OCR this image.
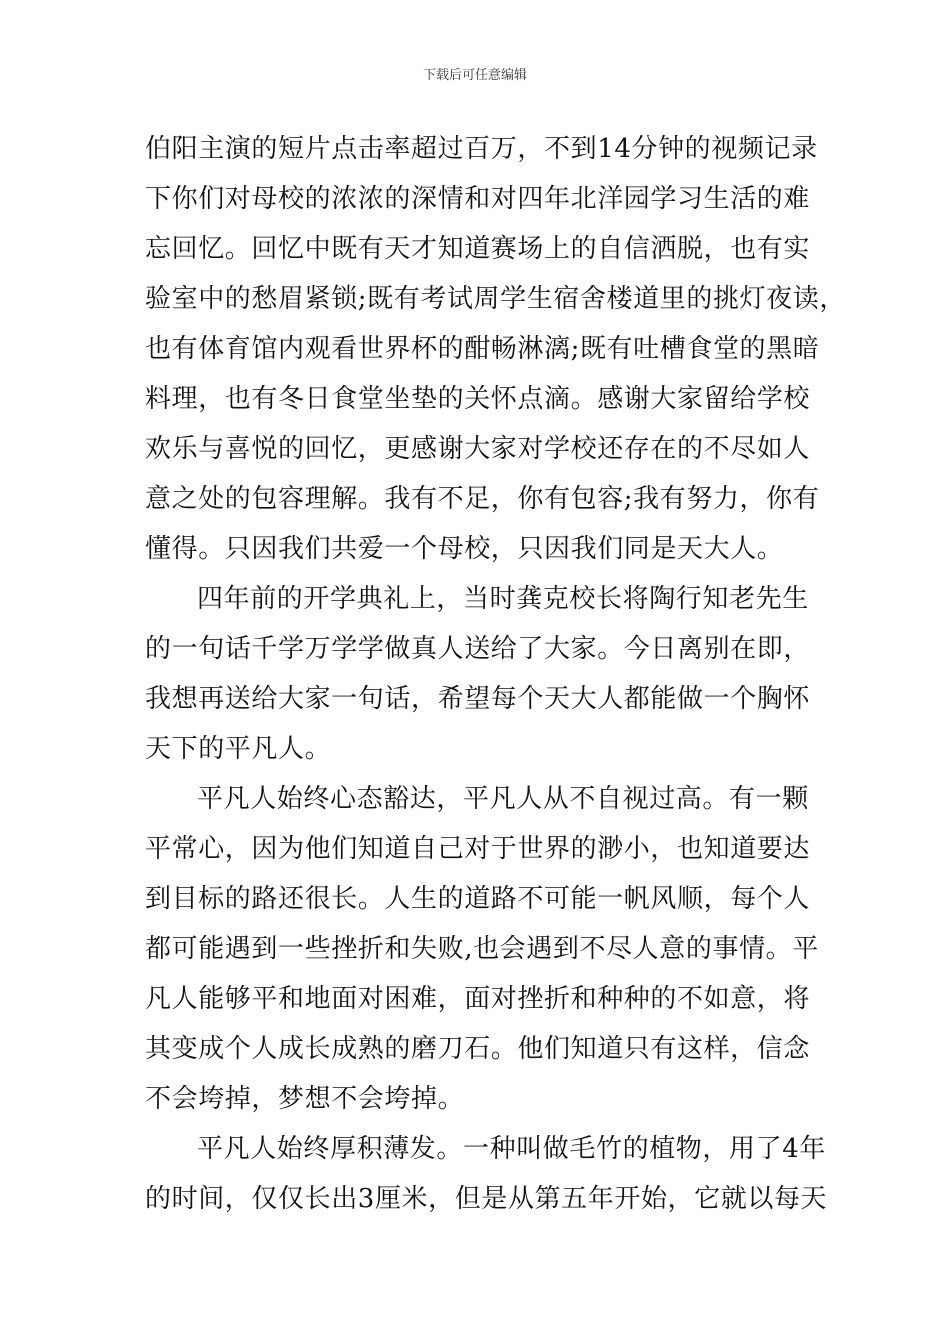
下载后可任意编辑
伯阳主演的短片点击率超过百万，不到14分钟的视频记录
下你们对母校的浓浓的深情和对四年北洋园学习生活的难
忘回忆。回忆中既有天才知道赛场上的自信洒脱，也有实
验室中的愁眉紧锁;既有考试周学生宿舍楼道里的挑灯夜读，
也有体育馆内观看世界杯的酣畅淋漓;既有吐槽食堂的黑暗
料理，也有冬日食堂坐垫的关怀点滴。感谢大家留给学校
欢乐与喜悦的回忆，更感谢大家对学校还存在的不尽如人
意之处的包容理解。我有不足，你有包容;我有努力，你有
懂得。只因我们共爱一个母校，只因我们同是天大人。
四年前的开学典礼上，当时龚克校长将陶行知老先生
的一句话千学万学学做真人送给了大家。今日离别在即，
我想再送给大家一句话，希望每个天大人都能做一个胸怀
天下的平凡人。
平凡人始终心态豁达，平凡人从不自视过高。有一颗
平常心，因为他们知道自己对于世界的渺小，也知道要达
到目标的路还很长。人生的道路不可能一帆风顺，每个人
都可能遇到一些挫折和失败,也会遇到不尽人意的事情。平
凡人能够平和地面对困难，面对挫折和种种的不如意，将
其变成个人成长成熟的磨刀石。他们知道只有这样，信念
不会垮掉，梦想不会垮掉。
平凡人始终厚积薄发。一种叫做毛竹的植物，用了4年
的时间，仅仅长出3厘米，但是从第五年开始，它就以每天
